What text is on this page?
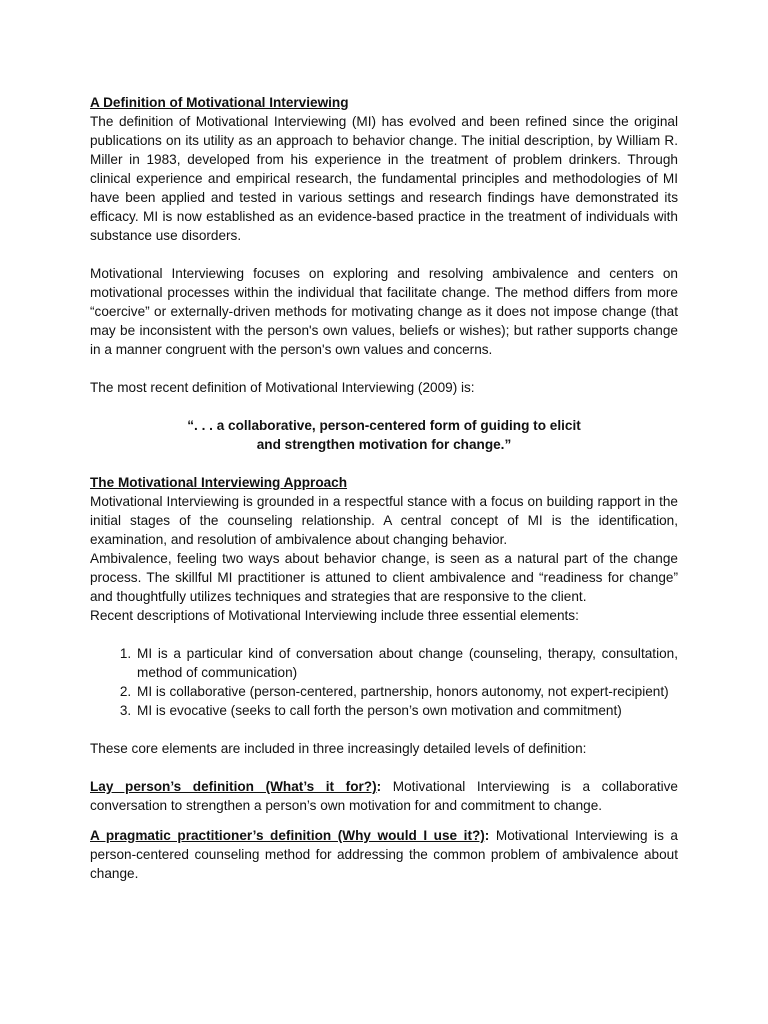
A Definition of Motivational Interviewing

The definition of Motivational Interviewing (MI) has evolved and been refined since the original publications on its utility as an approach to behavior change. The initial description, by William R. Miller in 1983, developed from his experience in the treatment of problem drinkers. Through clinical experience and empirical research, the fundamental principles and methodologies of MI have been applied and tested in various settings and research findings have demonstrated its efficacy. MI is now established as an evidence-based practice in the treatment of individuals with substance use disorders.

Motivational Interviewing focuses on exploring and resolving ambivalence and centers on motivational processes within the individual that facilitate change. The method differs from more “coercive” or externally-driven methods for motivating change as it does not impose change (that may be inconsistent with the person's own values, beliefs or wishes); but rather supports change in a manner congruent with the person's own values and concerns.

The most recent definition of Motivational Interviewing (2009) is:

“. . . a collaborative, person-centered form of guiding to elicit

and strengthen motivation for change.”

The Motivational Interviewing Approach

Motivational Interviewing is grounded in a respectful stance with a focus on building rapport in the initial stages of the counseling relationship. A central concept of MI is the identification, examination, and resolution of ambivalence about changing behavior.

Ambivalence, feeling two ways about behavior change, is seen as a natural part of the change process. The skillful MI practitioner is attuned to client ambivalence and “readiness for change” and thoughtfully utilizes techniques and strategies that are responsive to the client.

Recent descriptions of Motivational Interviewing include three essential elements:

1. MI is a particular kind of conversation about change (counseling, therapy, consultation, method of communication)
2. MI is collaborative (person-centered, partnership, honors autonomy, not expert-recipient)
3. MI is evocative (seeks to call forth the person’s own motivation and commitment)

These core elements are included in three increasingly detailed levels of definition:

Lay person’s definition (What’s it for?): Motivational Interviewing is a collaborative conversation to strengthen a person’s own motivation for and commitment to change.

A pragmatic practitioner’s definition (Why would I use it?): Motivational Interviewing is a person-centered counseling method for addressing the common problem of ambivalence about change.
